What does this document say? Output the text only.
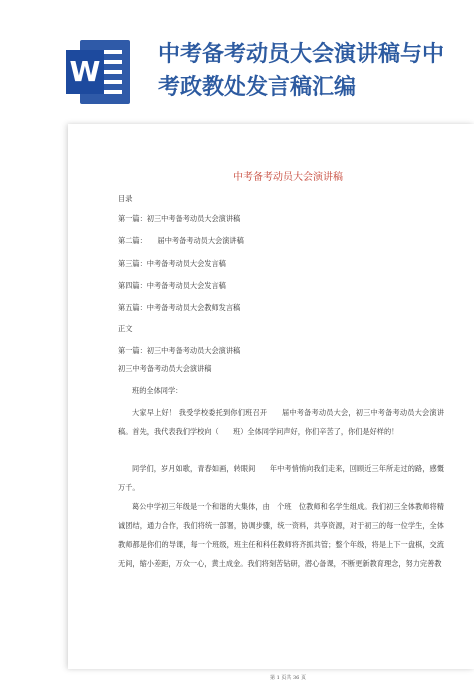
W
中考备考动员大会演讲稿与中考政教处发言稿汇编
中考备考动员大会演讲稿
目录
第一篇：初三中考备考动员大会演讲稿
第二篇：　　届中考备考动员大会演讲稿
第三篇：中考备考动员大会发言稿
第四篇：中考备考动员大会发言稿
第五篇：中考备考动员大会教师发言稿
正文
第一篇：初三中考备考动员大会演讲稿
初三中考备考动员大会演讲稿
班的全体同学：
大家早上好！ 我受学校委托到你们班召开　　届中考备考动员大会，初三中考备考动员大会演讲稿。首先，我代表我们学校向（　　班）全体同学问声好，你们辛苦了，你们是好样的！
同学们，岁月如歌，青春如画，转眼间　　年中考悄悄向我们走来，回顾近三年所走过的路，感慨万千。
葛公中学初三年级是一个和谐的大集体，由　个班　位教师和名学生组成。我们初三全体教师将精诚团结，通力合作，我们将统一部署，协调步骤，统一资料，共享资源，对于初三的每一位学生，全体教师都是你们的导课，每一个班级，班主任和科任教师将齐抓共管；整个年级，将是上下一盘棋，交流无间，缩小差距，万众一心，黄土成金。我们将刻苦钻研，潜心备课，不断更新教育理念，努力完善教
第 1 页共 36 页
